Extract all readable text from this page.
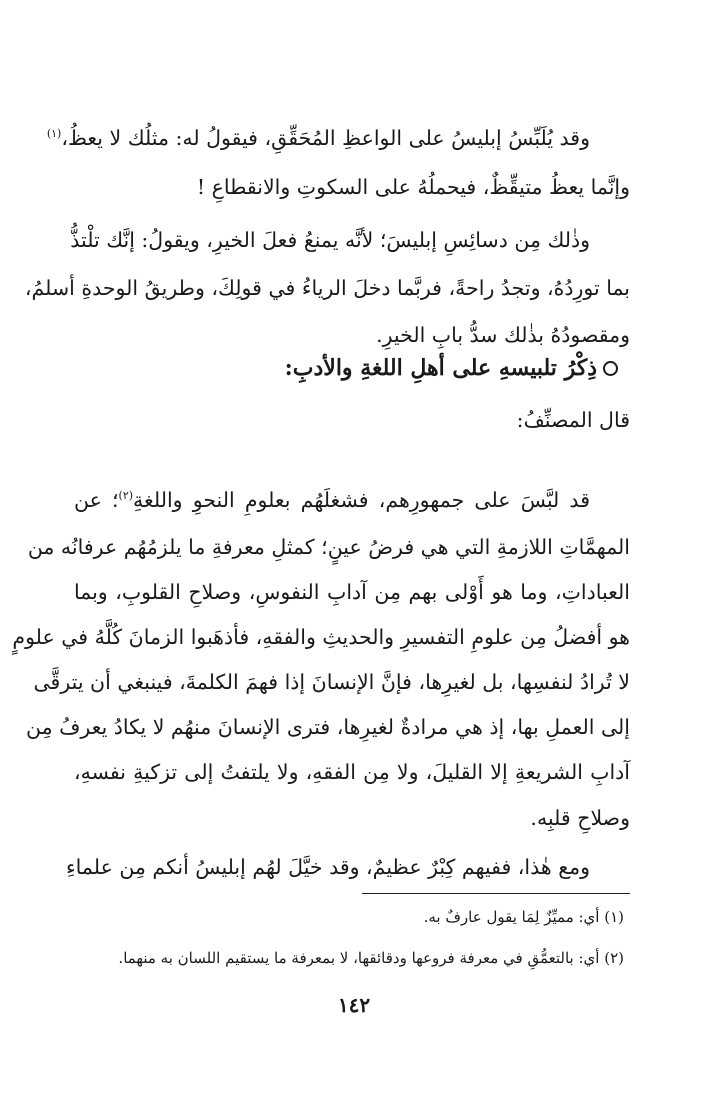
وقد يُلَبِّسُ إبليسُ على الواعظِ المُحَقِّقِ، فيقولُ له: مثلُك لا يعظُ،$^{(١)}$
وإنَّما يعظُ متيقِّظٌ، فيحملُهُ على السكوتِ والانقطاعِ !
وذٰلك مِن دسائِسِ إبليسَ؛ لأنَّه يمنعُ فعلَ الخيرِ، ويقولُ: إنَّك تلْتذُّ
بما تورِدُهُ، وتجدُ راحةً، فربَّما دخلَ الرياءُ في قولِكَ، وطريقُ الوحدةِ أسلمُ،
ومقصودُهُ بذٰلك سدُّ بابِ الخيرِ.
ذِكْرُ تلبيسهِ على أهلِ اللغةِ والأدبِ:
قال المصنِّفُ:
قد لبَّسَ على جمهورِهم، فشغلَهُم بعلومِ النحوِ واللغةِ$^{(٢)}$؛ عن
المهمَّاتِ اللازمةِ التي هي فرضُ عينٍ؛ كمثلِ معرفةِ ما يلزمُهُم عرفانُه من
العباداتِ، وما هو أَوْلى بهم مِن آدابِ النفوسِ، وصلاحِ القلوبِ، وبما
هو أفضلُ مِن علومِ التفسيرِ والحديثِ والفقهِ، فأذهَبوا الزمانَ كُلَّهُ في علومٍ
لا تُرادُ لنفسِها، بل لغيرِها، فإنَّ الإنسانَ إذا فهمَ الكلمةَ، فينبغي أن يترقَّى
إلى العملِ بها، إذ هي مرادةٌ لغيرِها، فترى الإنسانَ منهُم لا يكادُ يعرفُ مِن
آدابِ الشريعةِ إلا القليلَ، ولا مِن الفقهِ، ولا يلتفتُ إلى تزكيةِ نفسهِ،
وصلاحِ قلبِه.
ومع هٰذا، ففيهم كِبْرٌ عظيمٌ، وقد خيَّلَ لهُم إبليسُ أنكم مِن علماءِ
(١) أي: مميِّزٌ لِمَا يقول عارفٌ به.
(٢) أي: بالتعمُّقِ في معرفة فروعها ودقائقها، لا بمعرفة ما يستقيم اللسان به منهما.
١٤٢
